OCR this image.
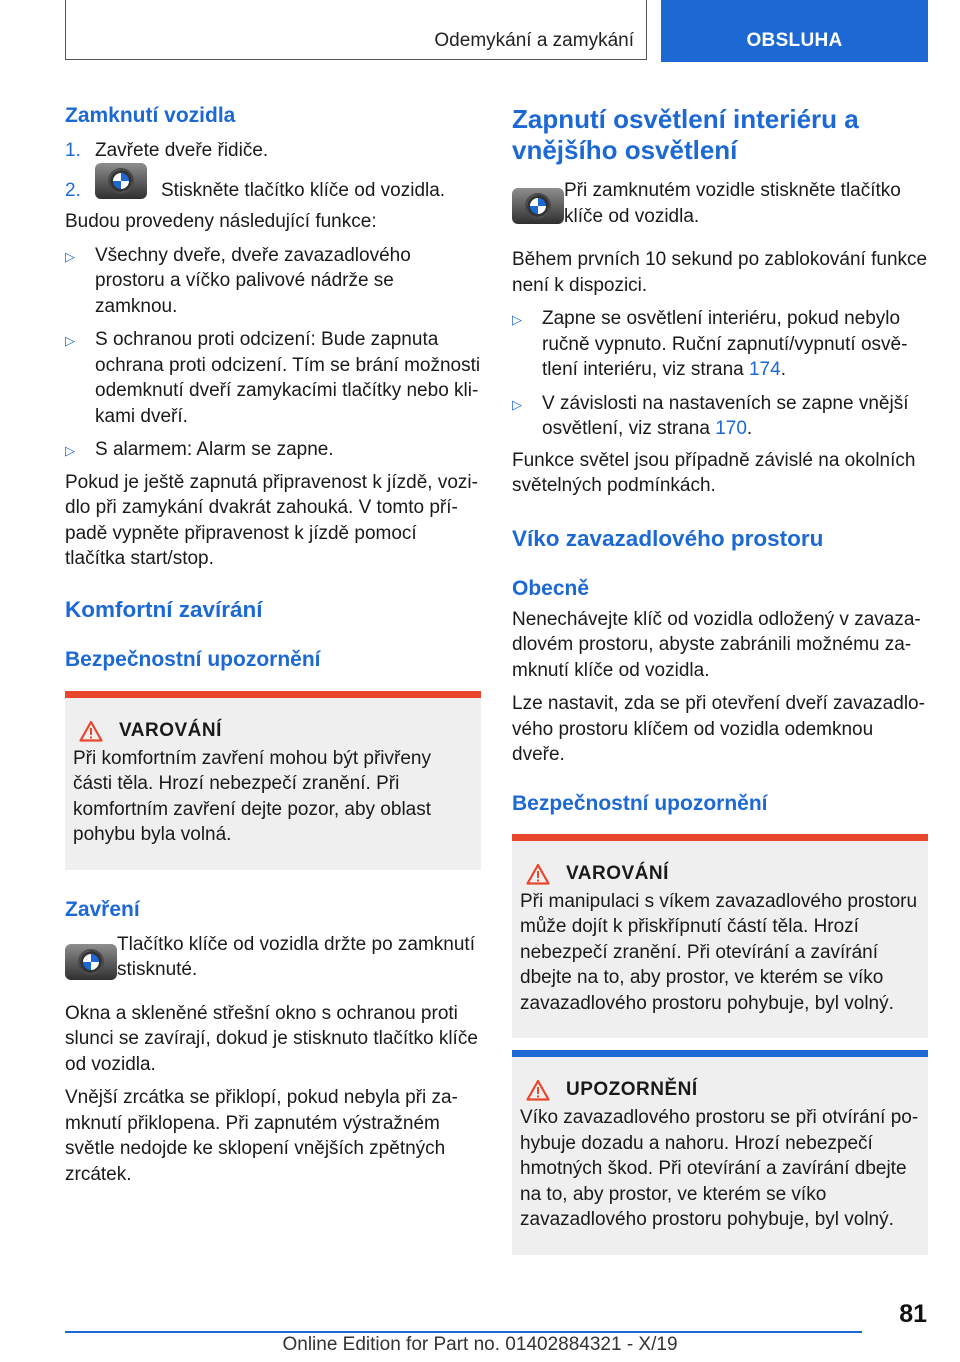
Odemykání a zamykání	OBSLUHA
Zamknutí vozidla
1. Zavřete dveře řidiče.
2.	Stiskněte tlačítko klíče od vozidla.

Budou provedeny následující funkce:

▷	Všechny dveře, dveře zavazadlového prostoru a víčko palivové nádrže se zamknou.
▷	S ochranou proti odcizení: Bude zapnuta ochrana proti odcizení. Tím se brání možnosti odemknutí dveří zamykacími tlačítky nebo klikami dveří.
▷	S alarmem: Alarm se zapne.

Pokud je ještě zapnutá připravenost k jízdě, vozidlo při zamykání dvakrát zahouká. V tomto případě vypněte připravenost k jízdě pomocí tlačítka start/stop.

Komfortní zavírání
Bezpečnostní upozornění
VAROVÁNÍ

Při komfortním zavření mohou být přivřeny části těla. Hrozí nebezpečí zranění. Při komfortním zavření dejte pozor, aby oblast pohybu byla volná.

Zavření

Tlačítko klíče od vozidla držte po zamknutí stisknuté.

Okna a skleněné střešní okno s ochranou proti slunci se zavírají, dokud je stisknuto tlačítko klíče od vozidla.

Vnější zrcátka se přiklopí, pokud nebyla při zamknutí přiklopena. Při zapnutém výstražném světle nedojde ke sklopení vnějších zpětných zrcátek.

Zapnutí osvětlení interiéru a vnějšího osvětlení

Při zamknutém vozidle stiskněte tlačítko klíče od vozidla.

Během prvních 10 sekund po zablokování funkce není k dispozici.

▷	Zapne se osvětlení interiéru, pokud nebylo ručně vypnuto. Ruční zapnutí/vypnutí osvětlení interiéru, viz strana 174.
▷	V závislosti na nastaveních se zapne vnější osvětlení, viz strana 170.

Funkce světel jsou případně závislé na okolních světelných podmínkách.

Víko zavazadlového prostoru
Obecně

Nenechávejte klíč od vozidla odložený v zavazadlovém prostoru, abyste zabránili možnému zamknutí klíče od vozidla.

Lze nastavit, zda se při otevření dveří zavazadlového prostoru klíčem od vozidla odemknou dveře.

Bezpečnostní upozornění
VAROVÁNÍ

Při manipulaci s víkem zavazadlového prostoru může dojít k přiskřípnutí částí těla. Hrozí nebezpečí zranění. Při otevírání a zavírání dbejte na to, aby prostor, ve kterém se víko zavazadlového prostoru pohybuje, byl volný.

UPOZORNĚNÍ

Víko zavazadlového prostoru se při otvírání pohybuje dozadu a nahoru. Hrozí nebezpečí hmotných škod. Při otevírání a zavírání dbejte na to, aby prostor, ve kterém se víko zavazadlového prostoru pohybuje, byl volný.

81
Online Edition for Part no. 01402884321 - X/19
